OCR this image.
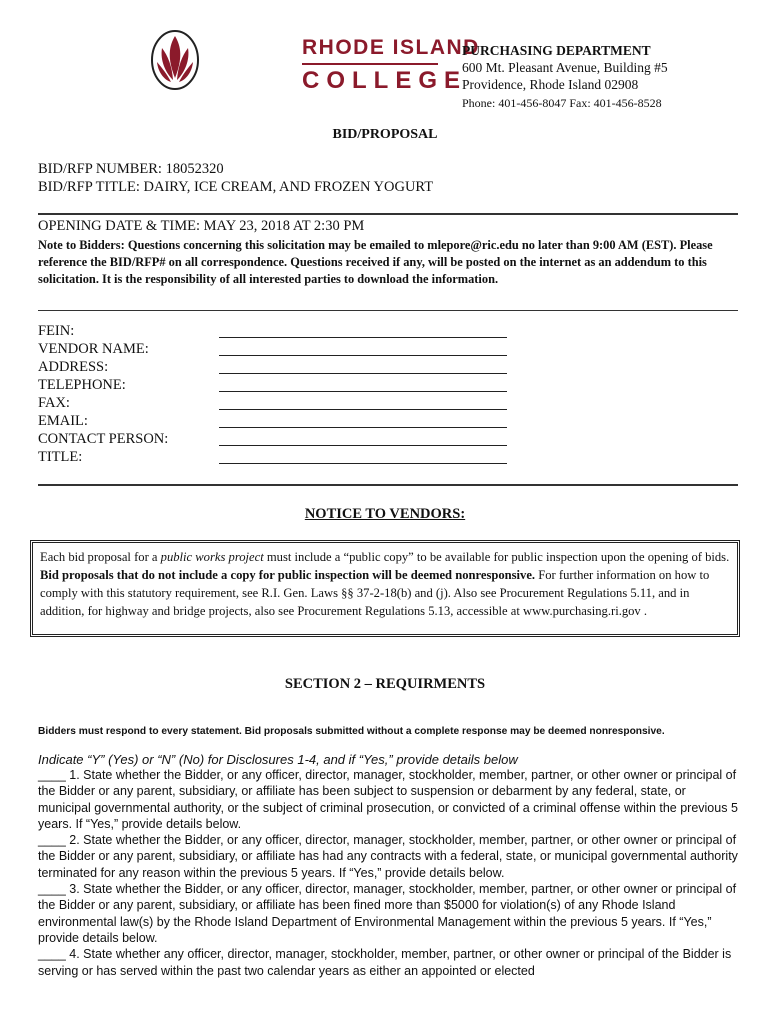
RHODE ISLAND
COLLEGE
PURCHASING DEPARTMENT
600 Mt. Pleasant Avenue, Building #5
Providence, Rhode Island 02908
Phone: 401-456-8047 Fax: 401-456-8528
BID/PROPOSAL
BID/RFP NUMBER: 18052320
BID/RFP TITLE: DAIRY, ICE CREAM, AND FROZEN YOGURT
OPENING DATE & TIME: MAY 23, 2018 AT 2:30 PM
Note to Bidders: Questions concerning this solicitation may be emailed to mlepore@ric.edu no later than 9:00 AM (EST). Please reference the BID/RFP# on all correspondence. Questions received if any, will be posted on the internet as an addendum to this solicitation. It is the responsibility of all interested parties to download the information.
FEIN:
VENDOR NAME:
ADDRESS:
TELEPHONE:
FAX:
EMAIL:
CONTACT PERSON:
TITLE:
NOTICE TO VENDORS:
Each bid proposal for a public works project must include a “public copy” to be available for public inspection upon the opening of bids. Bid proposals that do not include a copy for public inspection will be deemed nonresponsive. For further information on how to comply with this statutory requirement, see R.I. Gen. Laws §§ 37-2-18(b) and (j). Also see Procurement Regulations 5.11, and in addition, for highway and bridge projects, also see Procurement Regulations 5.13, accessible at www.purchasing.ri.gov .
SECTION 2 – REQUIRMENTS
Bidders must respond to every statement. Bid proposals submitted without a complete response may be deemed nonresponsive.
Indicate “Y” (Yes) or “N” (No) for Disclosures 1-4, and if “Yes,” provide details below
____ 1. State whether the Bidder, or any officer, director, manager, stockholder, member, partner, or other owner or principal of the Bidder or any parent, subsidiary, or affiliate has been subject to suspension or debarment by any federal, state, or municipal governmental authority, or the subject of criminal prosecution, or convicted of a criminal offense within the previous 5 years. If “Yes,” provide details below.
____ 2. State whether the Bidder, or any officer, director, manager, stockholder, member, partner, or other owner or principal of the Bidder or any parent, subsidiary, or affiliate has had any contracts with a federal, state, or municipal governmental authority terminated for any reason within the previous 5 years. If “Yes,” provide details below.
____ 3. State whether the Bidder, or any officer, director, manager, stockholder, member, partner, or other owner or principal of the Bidder or any parent, subsidiary, or affiliate has been fined more than $5000 for violation(s) of any Rhode Island environmental law(s) by the Rhode Island Department of Environmental Management within the previous 5 years. If “Yes,” provide details below.
____ 4. State whether any officer, director, manager, stockholder, member, partner, or other owner or principal of the Bidder is serving or has served within the past two calendar years as either an appointed or elected
